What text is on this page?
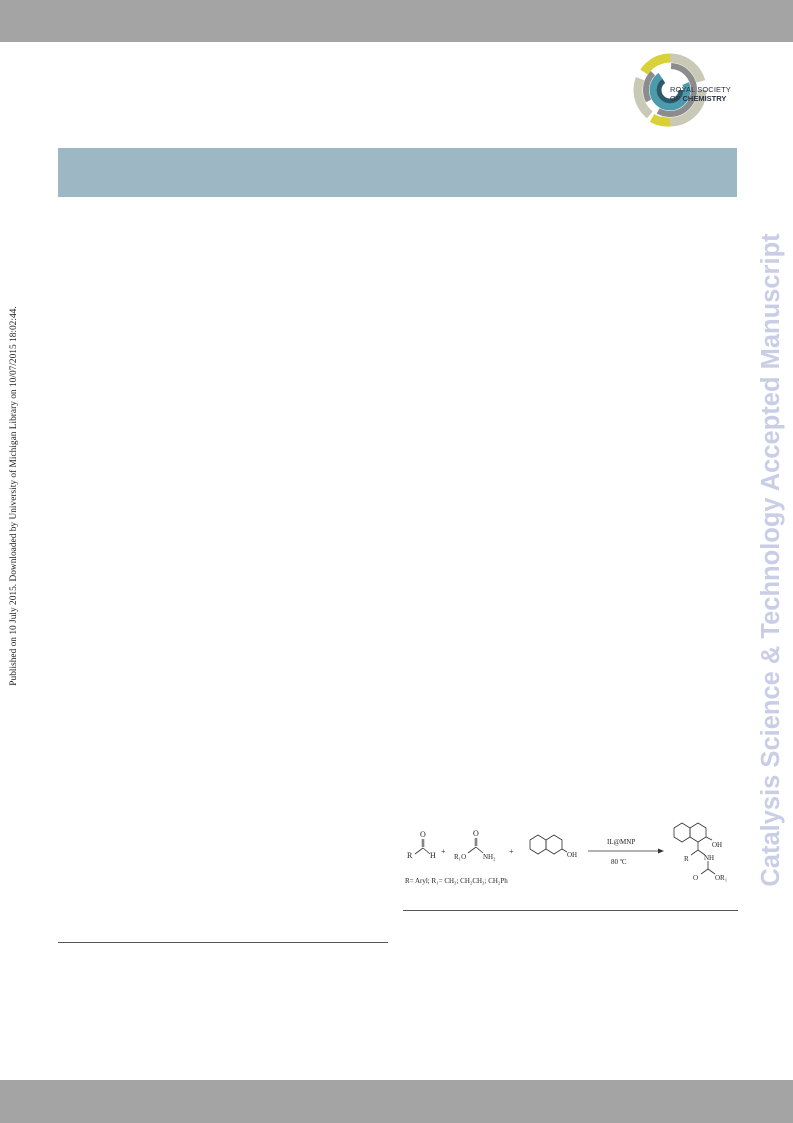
ROYAL SOCIETY
OF CHEMISTRY
Catalysis Science & Technology Accepted Manuscript
Published on 10 July 2015. Downloaded by University of Michigan Library on 10/07/2015 18:02:44.
O
R H +
O
R₁O NH₂
+	OH
IL@MNP
80 ºC
OH
R NH
O OR₁
R= Aryl; R₁= CH₃; CH₂CH₃; CH₂Ph
